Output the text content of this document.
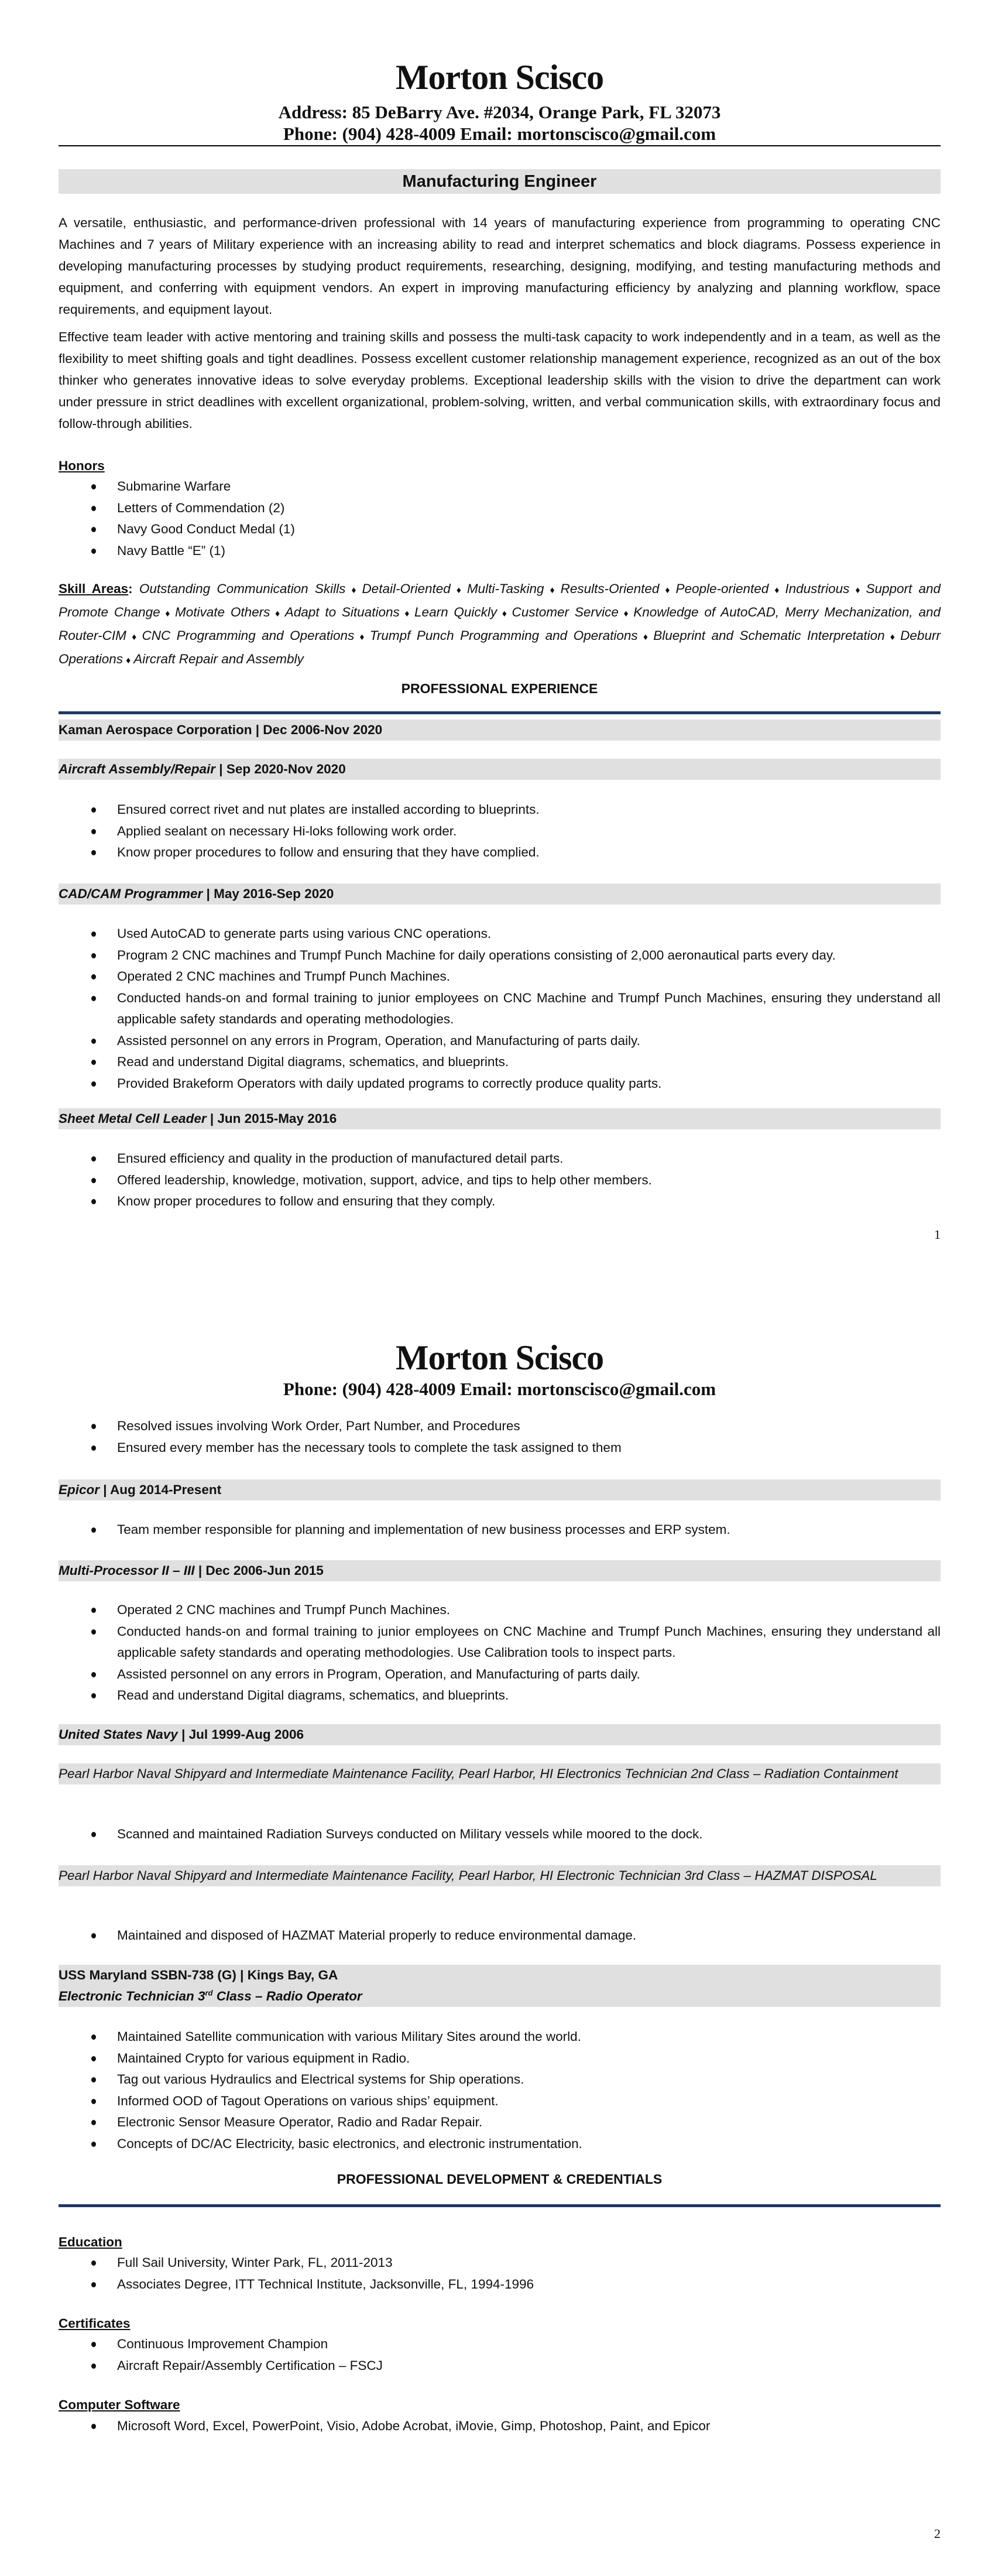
Morton Scisco
Address: 85 DeBarry Ave. #2034, Orange Park, FL 32073
Phone: (904) 428-4009 Email: mortonscisco@gmail.com
Manufacturing Engineer
A versatile, enthusiastic, and performance-driven professional with 14 years of manufacturing experience from programming to operating CNC Machines and 7 years of Military experience with an increasing ability to read and interpret schematics and block diagrams. Possess experience in developing manufacturing processes by studying product requirements, researching, designing, modifying, and testing manufacturing methods and equipment, and conferring with equipment vendors. An expert in improving manufacturing efficiency by analyzing and planning workflow, space requirements, and equipment layout.
Effective team leader with active mentoring and training skills and possess the multi-task capacity to work independently and in a team, as well as the flexibility to meet shifting goals and tight deadlines. Possess excellent customer relationship management experience, recognized as an out of the box thinker who generates innovative ideas to solve everyday problems. Exceptional leadership skills with the vision to drive the department can work under pressure in strict deadlines with excellent organizational, problem-solving, written, and verbal communication skills, with extraordinary focus and follow-through abilities.
Honors
Submarine Warfare
Letters of Commendation (2)
Navy Good Conduct Medal (1)
Navy Battle “E” (1)
Skill Areas: Outstanding Communication Skills ♦ Detail-Oriented ♦ Multi-Tasking ♦ Results-Oriented ♦ People-oriented ♦ Industrious ♦ Support and Promote Change ♦ Motivate Others ♦ Adapt to Situations ♦ Learn Quickly ♦ Customer Service ♦ Knowledge of AutoCAD, Merry Mechanization, and Router-CIM ♦ CNC Programming and Operations ♦ Trumpf Punch Programming and Operations ♦ Blueprint and Schematic Interpretation ♦ Deburr Operations ♦ Aircraft Repair and Assembly
PROFESSIONAL EXPERIENCE
Kaman Aerospace Corporation | Dec 2006-Nov 2020
Aircraft Assembly/Repair | Sep 2020-Nov 2020
Ensured correct rivet and nut plates are installed according to blueprints.
Applied sealant on necessary Hi-loks following work order.
Know proper procedures to follow and ensuring that they have complied.
CAD/CAM Programmer | May 2016-Sep 2020
Used AutoCAD to generate parts using various CNC operations.
Program 2 CNC machines and Trumpf Punch Machine for daily operations consisting of 2,000 aeronautical parts every day.
Operated 2 CNC machines and Trumpf Punch Machines.
Conducted hands-on and formal training to junior employees on CNC Machine and Trumpf Punch Machines, ensuring they understand all applicable safety standards and operating methodologies.
Assisted personnel on any errors in Program, Operation, and Manufacturing of parts daily.
Read and understand Digital diagrams, schematics, and blueprints.
Provided Brakeform Operators with daily updated programs to correctly produce quality parts.
Sheet Metal Cell Leader | Jun 2015-May 2016
Ensured efficiency and quality in the production of manufactured detail parts.
Offered leadership, knowledge, motivation, support, advice, and tips to help other members.
Know proper procedures to follow and ensuring that they comply.
1
Morton Scisco
Phone: (904) 428-4009 Email: mortonscisco@gmail.com
Resolved issues involving Work Order, Part Number, and Procedures
Ensured every member has the necessary tools to complete the task assigned to them
Epicor | Aug 2014-Present
Team member responsible for planning and implementation of new business processes and ERP system.
Multi-Processor II – III | Dec 2006-Jun 2015
Operated 2 CNC machines and Trumpf Punch Machines.
Conducted hands-on and formal training to junior employees on CNC Machine and Trumpf Punch Machines, ensuring they understand all applicable safety standards and operating methodologies. Use Calibration tools to inspect parts.
Assisted personnel on any errors in Program, Operation, and Manufacturing of parts daily.
Read and understand Digital diagrams, schematics, and blueprints.
United States Navy | Jul 1999-Aug 2006
Pearl Harbor Naval Shipyard and Intermediate Maintenance Facility, Pearl Harbor, HI Electronics Technician 2nd Class – Radiation Containment
Scanned and maintained Radiation Surveys conducted on Military vessels while moored to the dock.
Pearl Harbor Naval Shipyard and Intermediate Maintenance Facility, Pearl Harbor, HI Electronic Technician 3rd Class – HAZMAT DISPOSAL
Maintained and disposed of HAZMAT Material properly to reduce environmental damage.
USS Maryland SSBN-738 (G) | Kings Bay, GA
Electronic Technician 3rd Class – Radio Operator
Maintained Satellite communication with various Military Sites around the world.
Maintained Crypto for various equipment in Radio.
Tag out various Hydraulics and Electrical systems for Ship operations.
Informed OOD of Tagout Operations on various ships’ equipment.
Electronic Sensor Measure Operator, Radio and Radar Repair.
Concepts of DC/AC Electricity, basic electronics, and electronic instrumentation.
PROFESSIONAL DEVELOPMENT & CREDENTIALS
Education
Full Sail University, Winter Park, FL, 2011-2013
Associates Degree, ITT Technical Institute, Jacksonville, FL, 1994-1996
Certificates
Continuous Improvement Champion
Aircraft Repair/Assembly Certification – FSCJ
Computer Software
Microsoft Word, Excel, PowerPoint, Visio, Adobe Acrobat, iMovie, Gimp, Photoshop, Paint, and Epicor
2
